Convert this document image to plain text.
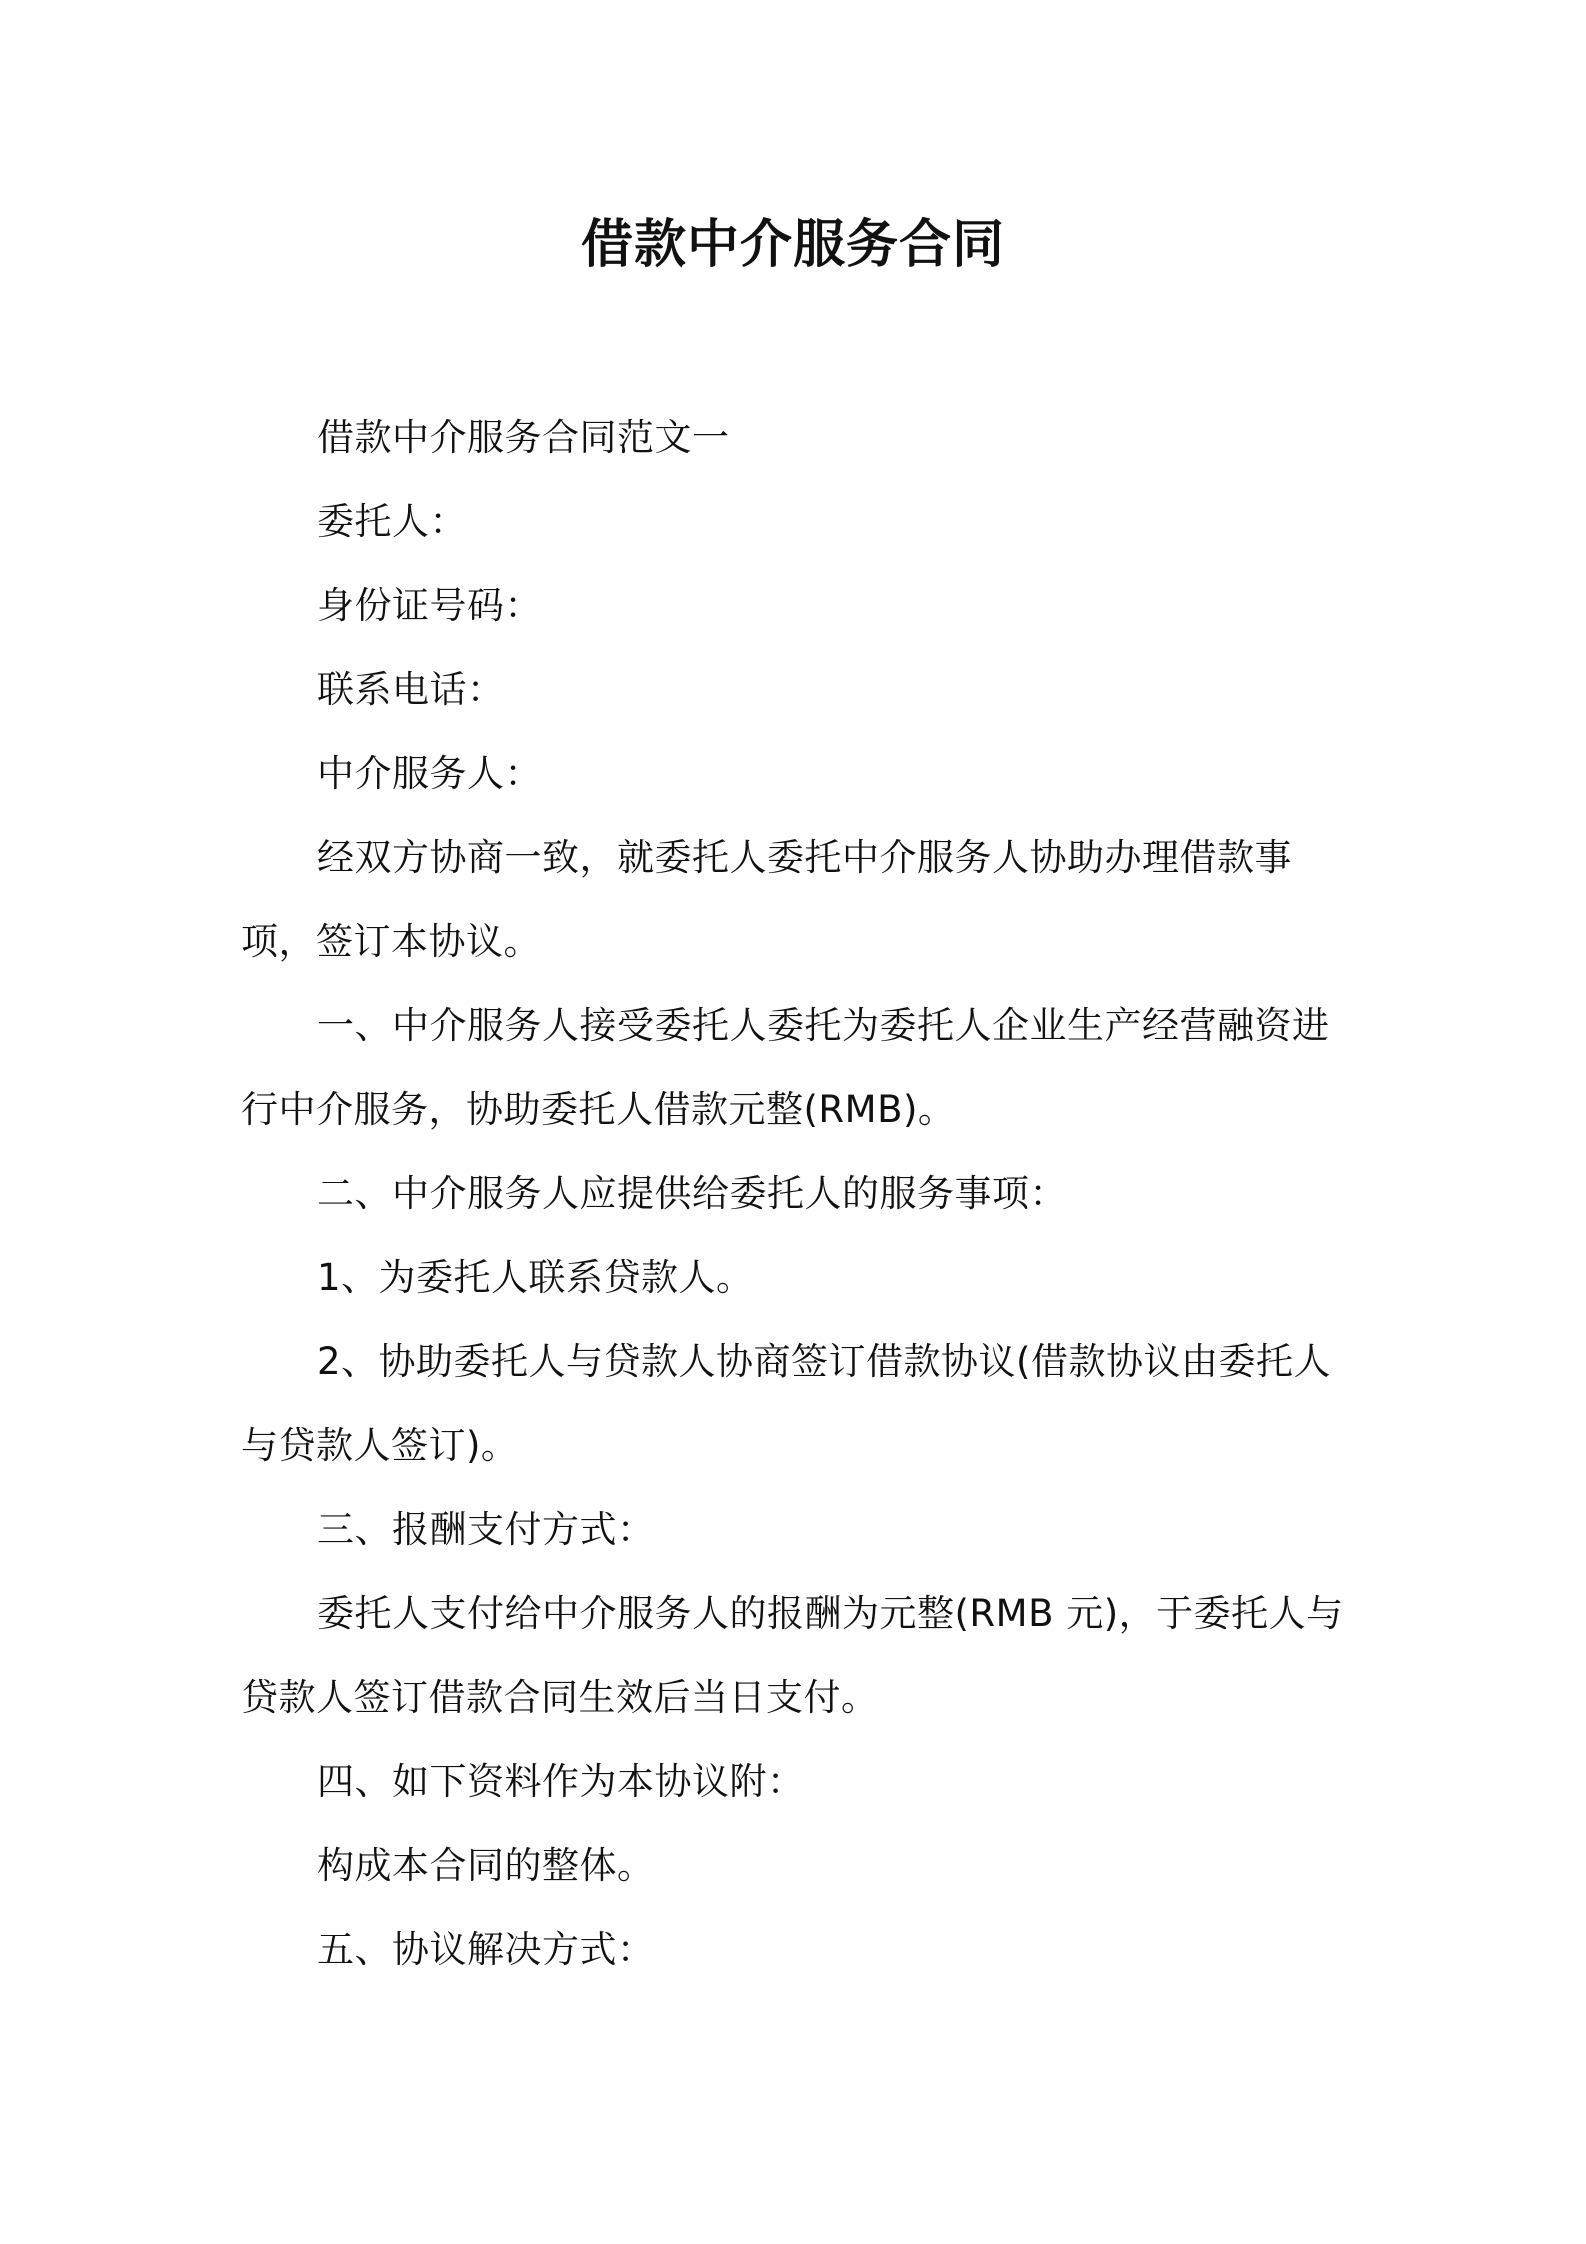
借款中介服务合同

借款中介服务合同范文一

委托人：

身份证号码：

联系电话：

中介服务人：

经双方协商一致，就委托人委托中介服务人协助办理借款事项，签订本协议。

一、中介服务人接受委托人委托为委托人企业生产经营融资进行中介服务，协助委托人借款元整(RMB)。

二、中介服务人应提供给委托人的服务事项：

1、为委托人联系贷款人。

2、协助委托人与贷款人协商签订借款协议(借款协议由委托人与贷款人签订)。

三、报酬支付方式：

委托人支付给中介服务人的报酬为元整(RMB 元)，于委托人与贷款人签订借款合同生效后当日支付。

四、如下资料作为本协议附：

构成本合同的整体。

五、协议解决方式：
